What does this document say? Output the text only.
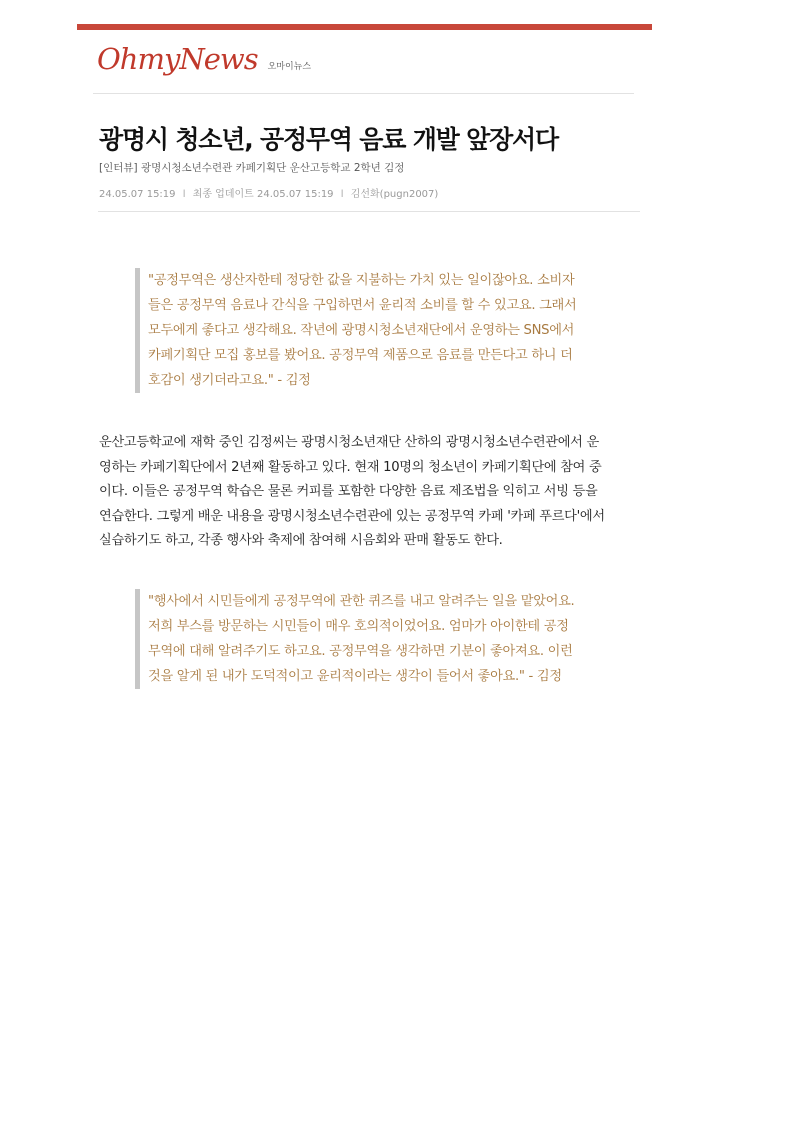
OhmyNews 오마이뉴스
광명시 청소년, 공정무역 음료 개발 앞장서다
[인터뷰] 광명시청소년수련관 카페기획단 운산고등학교 2학년 김정
24.05.07 15:19 l 최종 업데이트 24.05.07 15:19 l 김선화(pugn2007)
"공정무역은 생산자한테 정당한 값을 지불하는 가치 있는 일이잖아요. 소비자
들은 공정무역 음료나 간식을 구입하면서 윤리적 소비를 할 수 있고요. 그래서
모두에게 좋다고 생각해요. 작년에 광명시청소년재단에서 운영하는 SNS에서
카페기획단 모집 홍보를 봤어요. 공정무역 제품으로 음료를 만든다고 하니 더
호감이 생기더라고요." - 김정
운산고등학교에 재학 중인 김정씨는 광명시청소년재단 산하의 광명시청소년수련관에서 운
영하는 카페기획단에서 2년째 활동하고 있다. 현재 10명의 청소년이 카페기획단에 참여 중
이다. 이들은 공정무역 학습은 물론 커피를 포함한 다양한 음료 제조법을 익히고 서빙 등을
연습한다. 그렇게 배운 내용을 광명시청소년수련관에 있는 공정무역 카페 '카페 푸르다'에서
실습하기도 하고, 각종 행사와 축제에 참여해 시음회와 판매 활동도 한다.
"행사에서 시민들에게 공정무역에 관한 퀴즈를 내고 알려주는 일을 맡았어요.
저희 부스를 방문하는 시민들이 매우 호의적이었어요. 엄마가 아이한테 공정
무역에 대해 알려주기도 하고요. 공정무역을 생각하면 기분이 좋아져요. 이런
것을 알게 된 내가 도덕적이고 윤리적이라는 생각이 들어서 좋아요." - 김정
